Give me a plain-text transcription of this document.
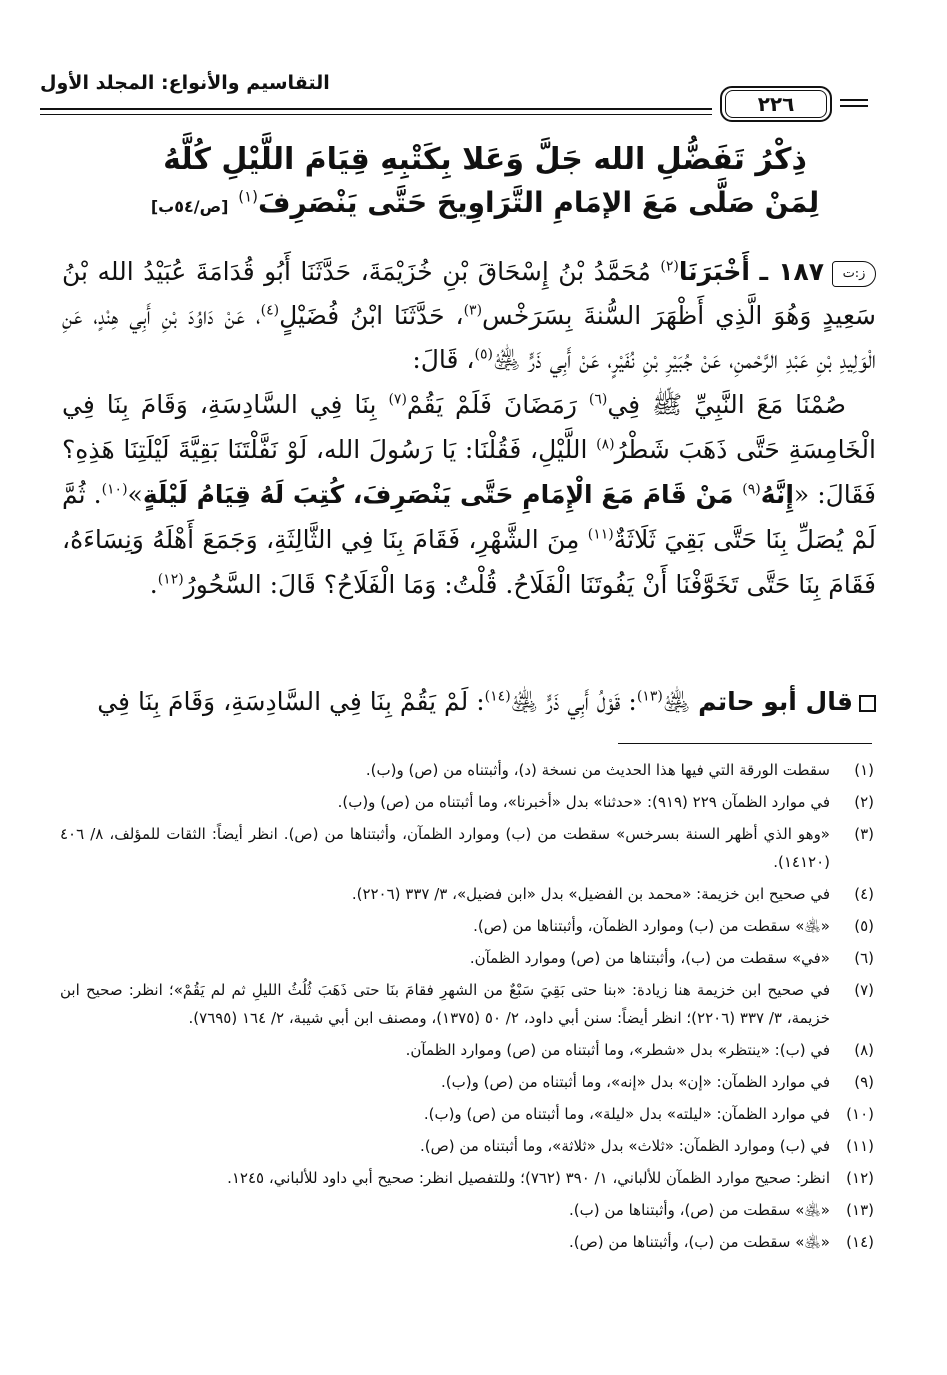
التقاسيم والأنواع: المجلد الأول
٢٢٦
ذِكْرُ تَفَضُّلِ الله جَلَّ وَعَلا بِكَتْبِهِ قِيَامَ اللَّيْلِ كُلَّهُ
لِمَنْ صَلَّى مَعَ الإمَامِ التَّرَاوِيحَ حَتَّى يَنْصَرِفَ$^{(١)}$ [ص/٥٤ب]
ز:ت١٨٧ ـ أَخْبَرَنَا$^{(٢)}$ مُحَمَّدُ بْنُ إِسْحَاقَ بْنِ خُزَيْمَةَ، حَدَّثَنَا أَبُو قُدَامَةَ عُبَيْدُ الله بْنُ سَعِيدٍ وَهُوَ الَّذِي أَظْهَرَ السُّنةَ بِسَرَخْس$^{(٣)}$، حَدَّثَنَا ابْنُ فُضَيْلٍ$^{(٤)}$، عَنْ دَاوُدَ بْنِ أَبِي هِنْدٍ، عَنِ الْوَلِيدِ بْنِ عَبْدِ الرَّحْمنِ، عَنْ جُبَيْرِ بْنِ نُفَيْرٍ، عَنْ أَبِي ذَرٍّ ﵁$^{(٥)}$، قَالَ:
صُمْنَا مَعَ النَّبِيِّ ﷺ فِي$^{(٦)}$ رَمَضَانَ فَلَمْ يَقُمْ$^{(٧)}$ بِنَا فِي السَّادِسَةِ، وَقَامَ بِنَا فِي الْخَامِسَةِ حَتَّى ذَهَبَ شَطْرُ$^{(٨)}$ اللَّيْلِ، فَقُلْنَا: يَا رَسُولَ الله، لَوْ نَفَّلْتَنَا بَقِيَّةَ لَيْلَتِنَا هَذِهِ؟ فَقَالَ: «إِنَّهُ$^{(٩)}$ مَنْ قَامَ مَعَ الْإِمَامِ حَتَّى يَنْصَرِفَ، كُتِبَ لَهُ قِيَامُ لَيْلَةٍ»$^{(١٠)}$. ثُمَّ لَمْ يُصَلِّ بِنَا حَتَّى بَقِيَ ثَلَاثَةٌ$^{(١١)}$ مِنَ الشَّهْرِ، فَقَامَ بِنَا فِي الثَّالِثَةِ، وَجَمَعَ أَهْلَهُ وَنِسَاءَهُ، فَقَامَ بِنَا حَتَّى تَخَوَّفْنَا أَنْ يَفُوتَنَا الْفَلَاحُ. قُلْتُ: وَمَا الْفَلَاحُ؟ قَالَ: السَّحُورُ$^{(١٢)}$.
قال أبو حاتم ﵁$^{(١٣)}$: قَوْلُ أَبِي ذَرٍّ ﵁$^{(١٤)}$: لَمْ يَقُمْ بِنَا فِي السَّادِسَةِ، وَقَامَ بِنَا فِي
(١)
سقطت الورقة التي فيها هذا الحديث من نسخة (د)، وأثبتناه من (ص) و(ب).
(٢)
في موارد الظمآن ٢٢٩ (٩١٩): «حدثنا» بدل «أخبرنا»، وما أثبتناه من (ص) و(ب).
(٣)
«وهو الذي أظهر السنة بسرخس» سقطت من (ب) وموارد الظمآن، وأثبتناها من (ص). انظر أيضاً: الثقات للمؤلف، ٨/ ٤٠٦ (١٤١٢٠).
(٤)
في صحيح ابن خزيمة: «محمد بن الفضيل» بدل «ابن فضيل»، ٣/ ٣٣٧ (٢٢٠٦).
(٥)
«﵁» سقطت من (ب) وموارد الظمآن، وأثبتناها من (ص).
(٦)
«في» سقطت من (ب)، وأثبتناها من (ص) وموارد الظمآن.
(٧)
في صحيح ابن خزيمة هنا زيادة: «بنا حتى بَقِيَ سَبْعٌ من الشهرِ فقامَ بنَا حتى ذَهَبَ ثُلُثُ الليلِ ثم لم يَقُمْ»؛ انظر: صحيح ابن خزيمة، ٣/ ٣٣٧ (٢٢٠٦)؛ انظر أيضاً: سنن أبي داود، ٢/ ٥٠ (١٣٧٥)، ومصنف ابن أبي شيبة، ٢/ ١٦٤ (٧٦٩٥).
(٨)
في (ب): «ينتظر» بدل «شطر»، وما أثبتناه من (ص) وموارد الظمآن.
(٩)
في موارد الظمآن: «إن» بدل «إنه»، وما أثبتناه من (ص) و(ب).
(١٠)
في موارد الظمآن: «ليلته» بدل «ليلة»، وما أثبتناه من (ص) و(ب).
(١١)
في (ب) وموارد الظمآن: «ثلاث» بدل «ثلاثة»، وما أثبتناه من (ص).
(١٢)
انظر: صحيح موارد الظمآن للألباني، ١/ ٣٩٠ (٧٦٢)؛ وللتفصيل انظر: صحيح أبي داود للألباني، ١٢٤٥.
(١٣)
«﵁» سقطت من (ص)، وأثبتناها من (ب).
(١٤)
«﵁» سقطت من (ب)، وأثبتناها من (ص).
